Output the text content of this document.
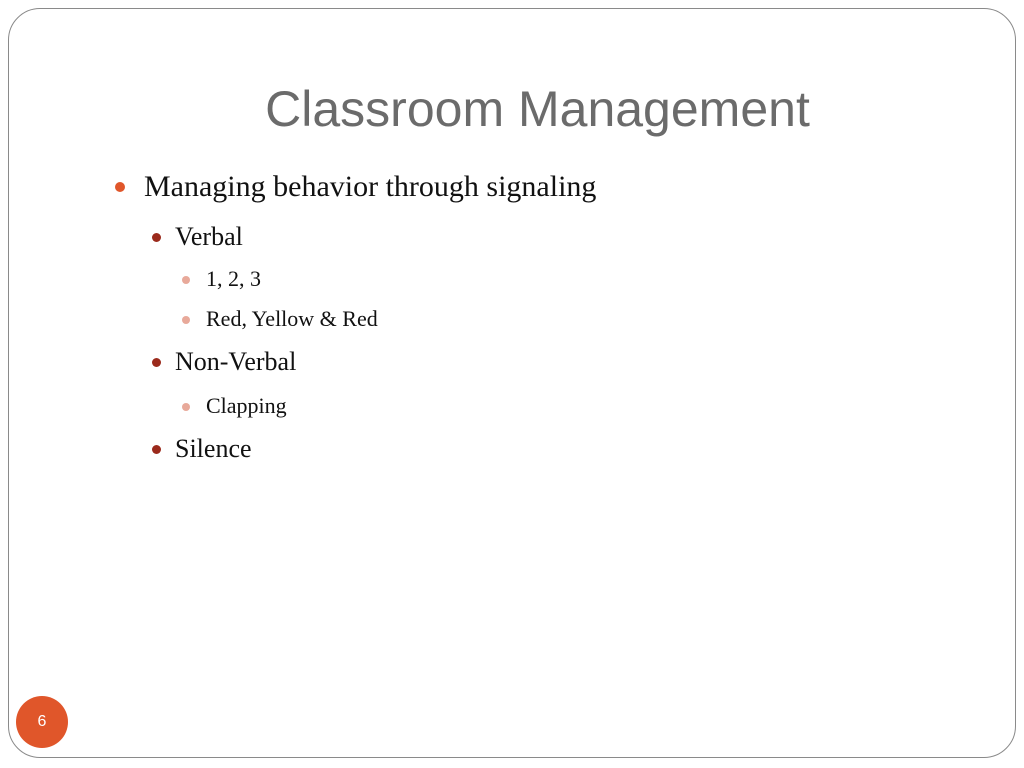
Classroom Management
Managing behavior through signaling
Verbal
1, 2, 3
Red, Yellow & Red
Non-Verbal
Clapping
Silence
6
